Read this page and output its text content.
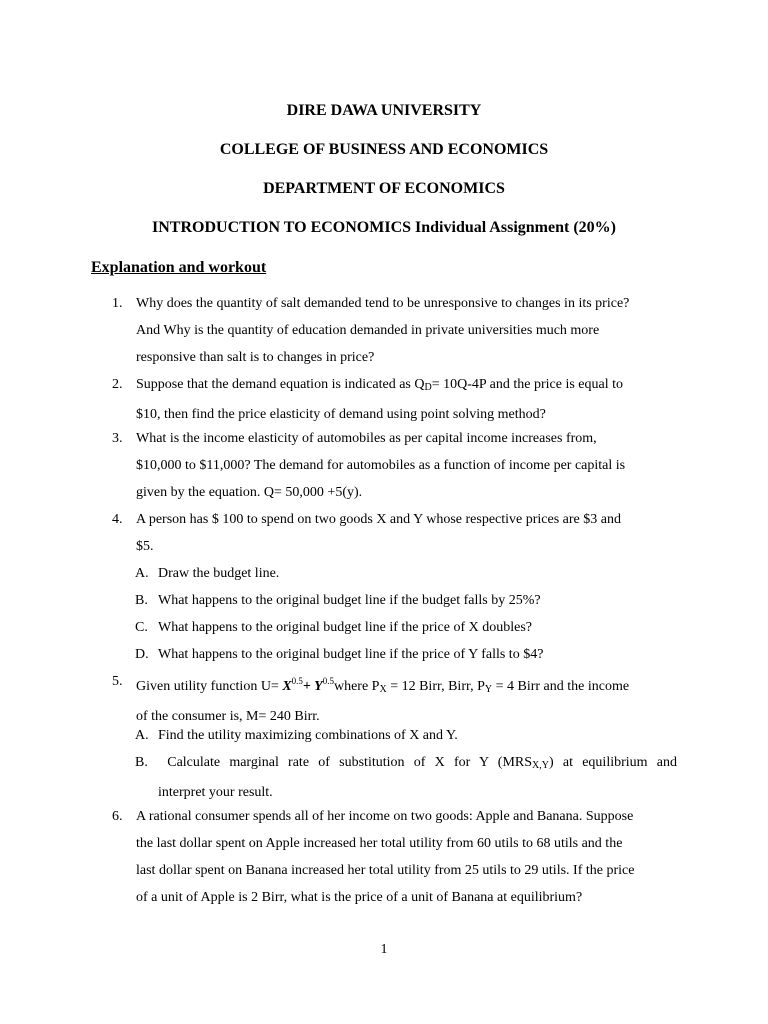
DIRE DAWA UNIVERSITY
COLLEGE OF BUSINESS AND ECONOMICS
DEPARTMENT OF ECONOMICS
INTRODUCTION TO ECONOMICS Individual Assignment (20%)
Explanation and workout
1. Why does the quantity of salt demanded tend to be unresponsive to changes in its price?
And Why is the quantity of education demanded in private universities much more
responsive than salt is to changes in price?
2. Suppose that the demand equation is indicated as $Q_D= 10Q-4P$ and the price is equal to
$10, then find the price elasticity of demand using point solving method?
3. What is the income elasticity of automobiles as per capital income increases from,
$10,000 to $11,000? The demand for automobiles as a function of income per capital is
given by the equation. Q= 50,000 +5(y).
4. A person has $ 100 to spend on two goods X and Y whose respective prices are $3 and
$5.
A. Draw the budget line.
B. What happens to the original budget line if the budget falls by 25%?
C. What happens to the original budget line if the price of X doubles?
D. What happens to the original budget line if the price of Y falls to $4?
5. Given utility function $U= X^{0.5}+$ $Y^{0.5}where$ $P_X = 12$ Birr, Birr, $P_Y = 4$ Birr and the income
of the consumer is, M= 240 Birr.
A. Find the utility maximizing combinations of X and Y.
B.	Calculate marginal rate of substitution of X for Y $(MRS_{X,Y})$ at equilibrium and
interpret your result.
6. A rational consumer spends all of her income on two goods: Apple and Banana. Suppose
the last dollar spent on Apple increased her total utility from 60 utils to 68 utils and the
last dollar spent on Banana increased her total utility from 25 utils to 29 utils. If the price
of a unit of Apple is 2 Birr, what is the price of a unit of Banana at equilibrium?
1
